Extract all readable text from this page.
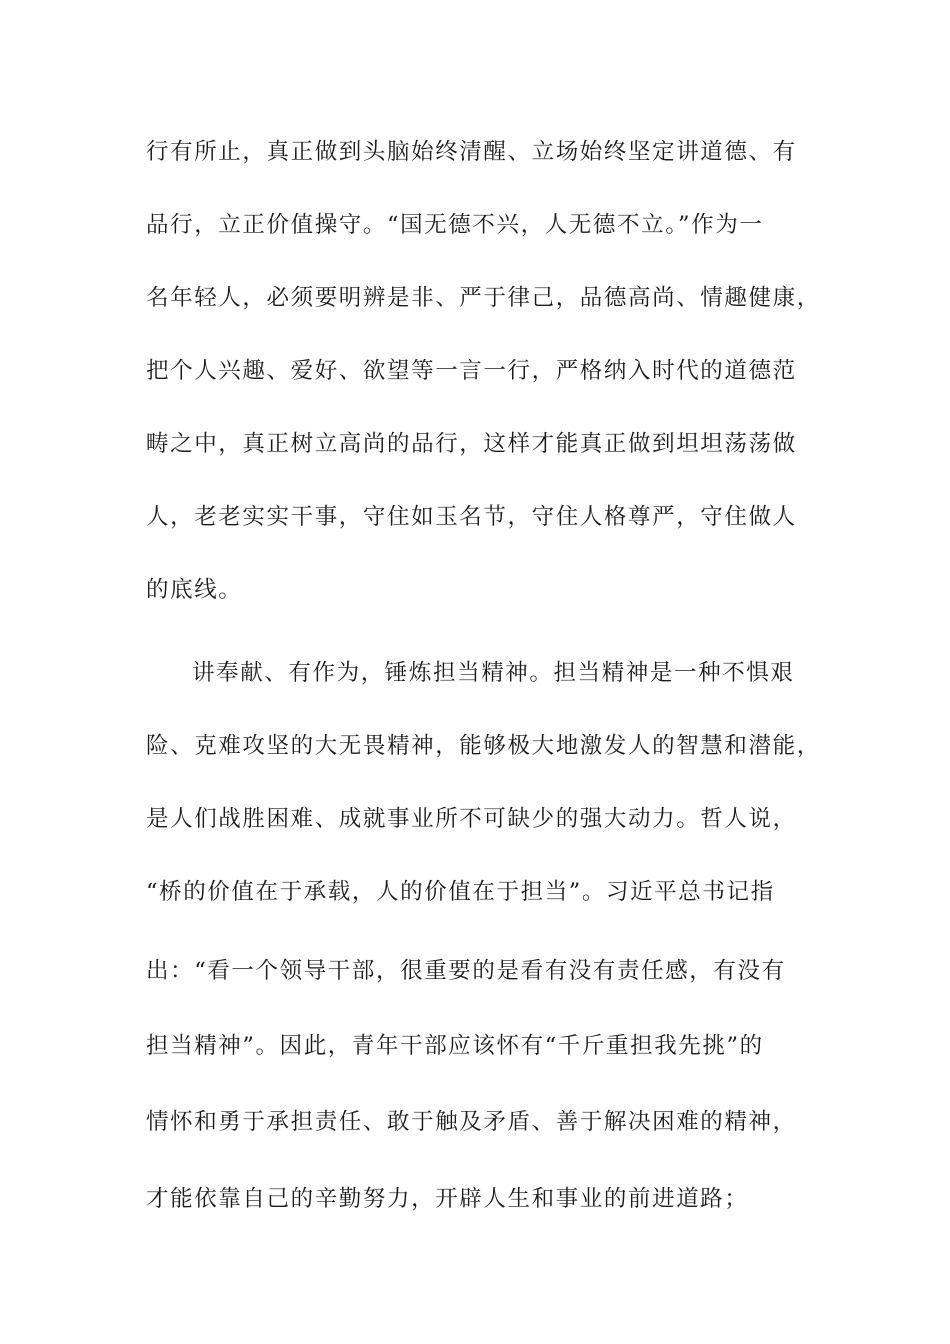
行有所止，真正做到头脑始终清醒、立场始终坚定讲道德、有
品行，立正价值操守。“国无德不兴，人无德不立。”作为一
名年轻人，必须要明辨是非、严于律己，品德高尚、情趣健康，
把个人兴趣、爱好、欲望等一言一行，严格纳入时代的道德范
畴之中，真正树立高尚的品行，这样才能真正做到坦坦荡荡做
人，老老实实干事，守住如玉名节，守住人格尊严，守住做人
的底线。
讲奉献、有作为，锤炼担当精神。担当精神是一种不惧艰
险、克难攻坚的大无畏精神，能够极大地激发人的智慧和潜能，
是人们战胜困难、成就事业所不可缺少的强大动力。哲人说，
“桥的价值在于承载，人的价值在于担当”。习近平总书记指
出：“看一个领导干部，很重要的是看有没有责任感，有没有
担当精神”。因此，青年干部应该怀有“千斤重担我先挑”的
情怀和勇于承担责任、敢于触及矛盾、善于解决困难的精神，
才能依靠自己的辛勤努力，开辟人生和事业的前进道路；
